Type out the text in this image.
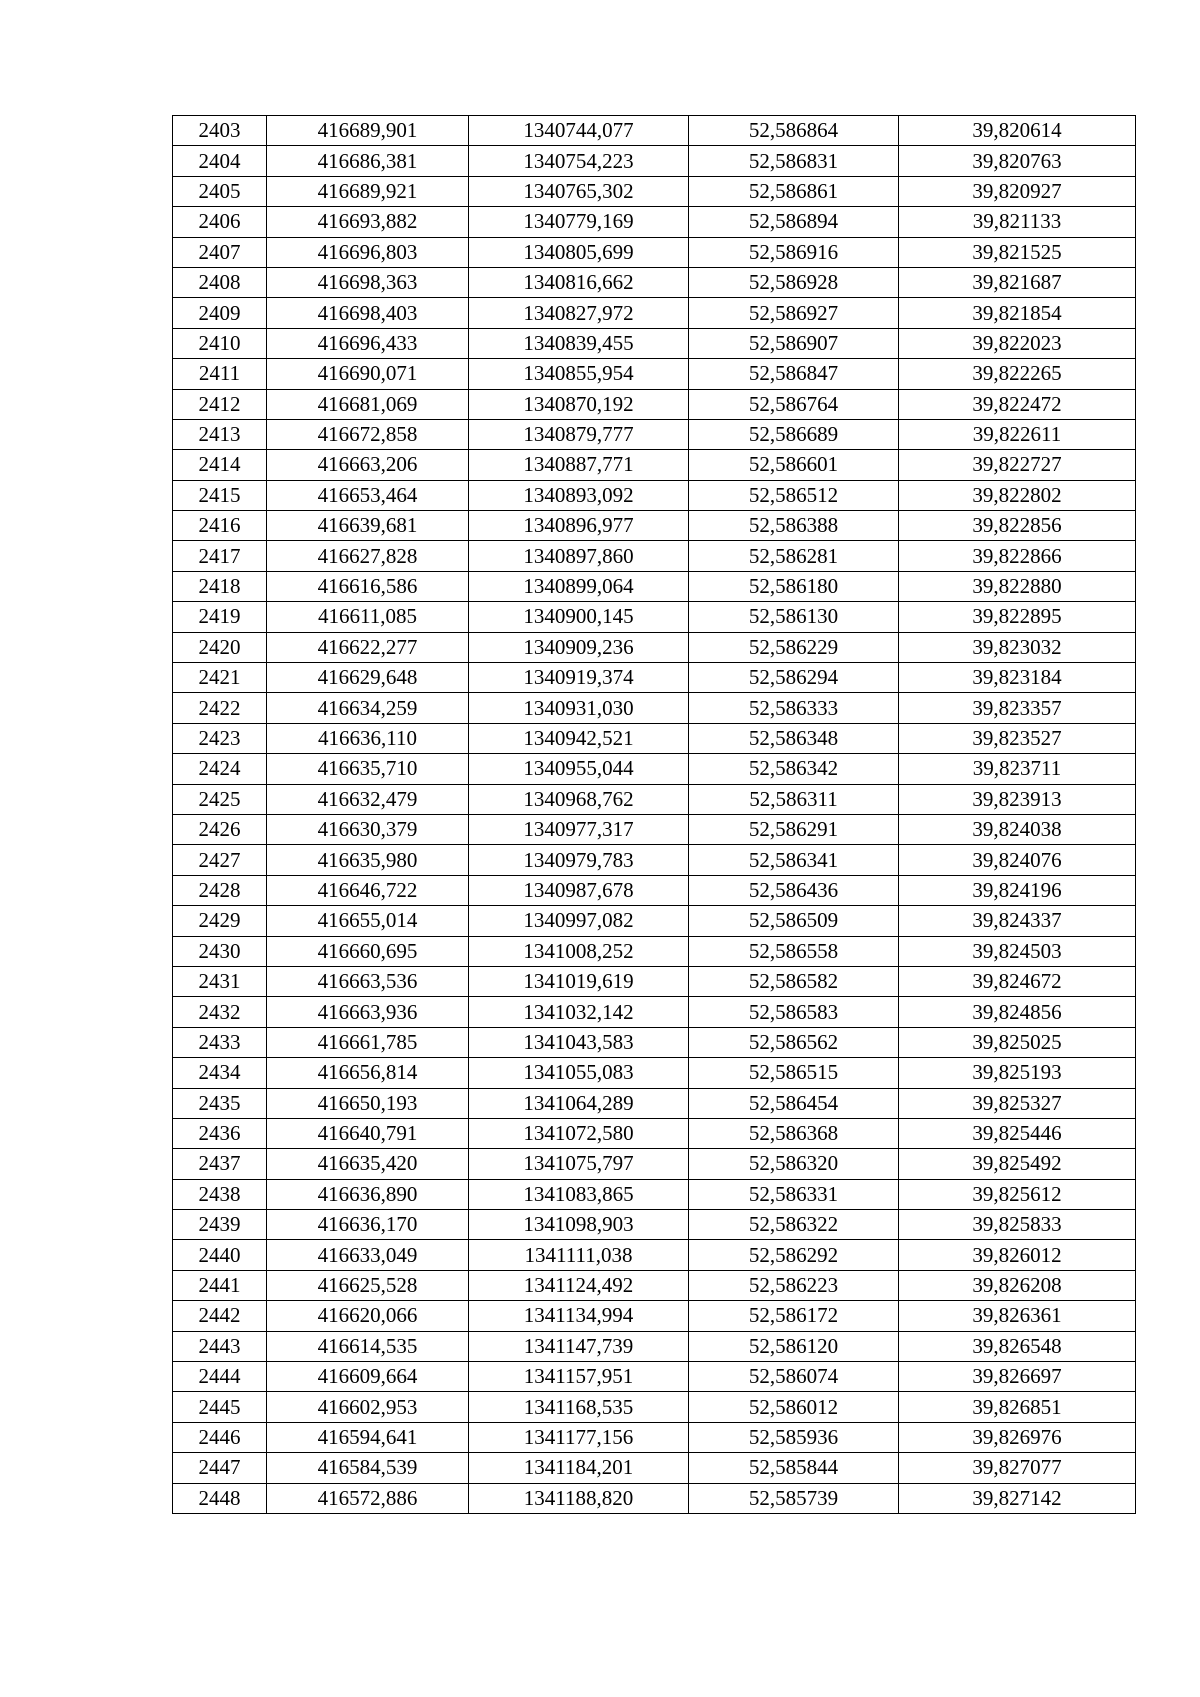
2403	416689,901	1340744,077	52,586864	39,820614
2404	416686,381	1340754,223	52,586831	39,820763
2405	416689,921	1340765,302	52,586861	39,820927
2406	416693,882	1340779,169	52,586894	39,821133
2407	416696,803	1340805,699	52,586916	39,821525
2408	416698,363	1340816,662	52,586928	39,821687
2409	416698,403	1340827,972	52,586927	39,821854
2410	416696,433	1340839,455	52,586907	39,822023
2411	416690,071	1340855,954	52,586847	39,822265
2412	416681,069	1340870,192	52,586764	39,822472
2413	416672,858	1340879,777	52,586689	39,822611
2414	416663,206	1340887,771	52,586601	39,822727
2415	416653,464	1340893,092	52,586512	39,822802
2416	416639,681	1340896,977	52,586388	39,822856
2417	416627,828	1340897,860	52,586281	39,822866
2418	416616,586	1340899,064	52,586180	39,822880
2419	416611,085	1340900,145	52,586130	39,822895
2420	416622,277	1340909,236	52,586229	39,823032
2421	416629,648	1340919,374	52,586294	39,823184
2422	416634,259	1340931,030	52,586333	39,823357
2423	416636,110	1340942,521	52,586348	39,823527
2424	416635,710	1340955,044	52,586342	39,823711
2425	416632,479	1340968,762	52,586311	39,823913
2426	416630,379	1340977,317	52,586291	39,824038
2427	416635,980	1340979,783	52,586341	39,824076
2428	416646,722	1340987,678	52,586436	39,824196
2429	416655,014	1340997,082	52,586509	39,824337
2430	416660,695	1341008,252	52,586558	39,824503
2431	416663,536	1341019,619	52,586582	39,824672
2432	416663,936	1341032,142	52,586583	39,824856
2433	416661,785	1341043,583	52,586562	39,825025
2434	416656,814	1341055,083	52,586515	39,825193
2435	416650,193	1341064,289	52,586454	39,825327
2436	416640,791	1341072,580	52,586368	39,825446
2437	416635,420	1341075,797	52,586320	39,825492
2438	416636,890	1341083,865	52,586331	39,825612
2439	416636,170	1341098,903	52,586322	39,825833
2440	416633,049	1341111,038	52,586292	39,826012
2441	416625,528	1341124,492	52,586223	39,826208
2442	416620,066	1341134,994	52,586172	39,826361
2443	416614,535	1341147,739	52,586120	39,826548
2444	416609,664	1341157,951	52,586074	39,826697
2445	416602,953	1341168,535	52,586012	39,826851
2446	416594,641	1341177,156	52,585936	39,826976
2447	416584,539	1341184,201	52,585844	39,827077
2448	416572,886	1341188,820	52,585739	39,827142
